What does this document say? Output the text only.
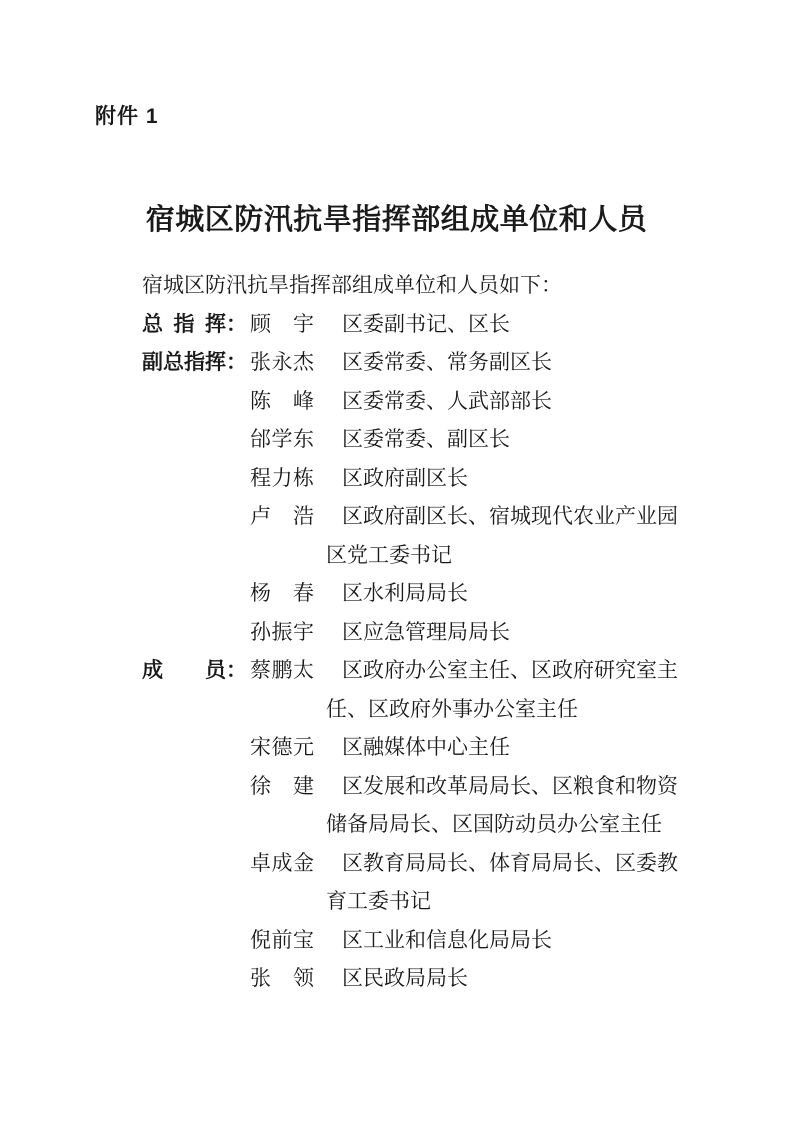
附件 1
宿城区防汛抗旱指挥部组成单位和人员
宿城区防汛抗旱指挥部组成单位和人员如下：
总指挥： 顾宇 区委副书记、区长
副总指挥： 张永杰 区委常委、常务副区长
陈峰 区委常委、人武部部长
邰学东 区委常委、副区长
程力栋 区政府副区长
卢浩 区政府副区长、宿城现代农业产业园
区党工委书记
杨春 区水利局局长
孙振宇 区应急管理局局长
成员： 蔡鹏太 区政府办公室主任、区政府研究室主
任、区政府外事办公室主任
宋德元 区融媒体中心主任
徐建 区发展和改革局局长、区粮食和物资
储备局局长、区国防动员办公室主任
卓成金 区教育局局长、体育局局长、区委教
育工委书记
倪前宝 区工业和信息化局局长
张领 区民政局局长
